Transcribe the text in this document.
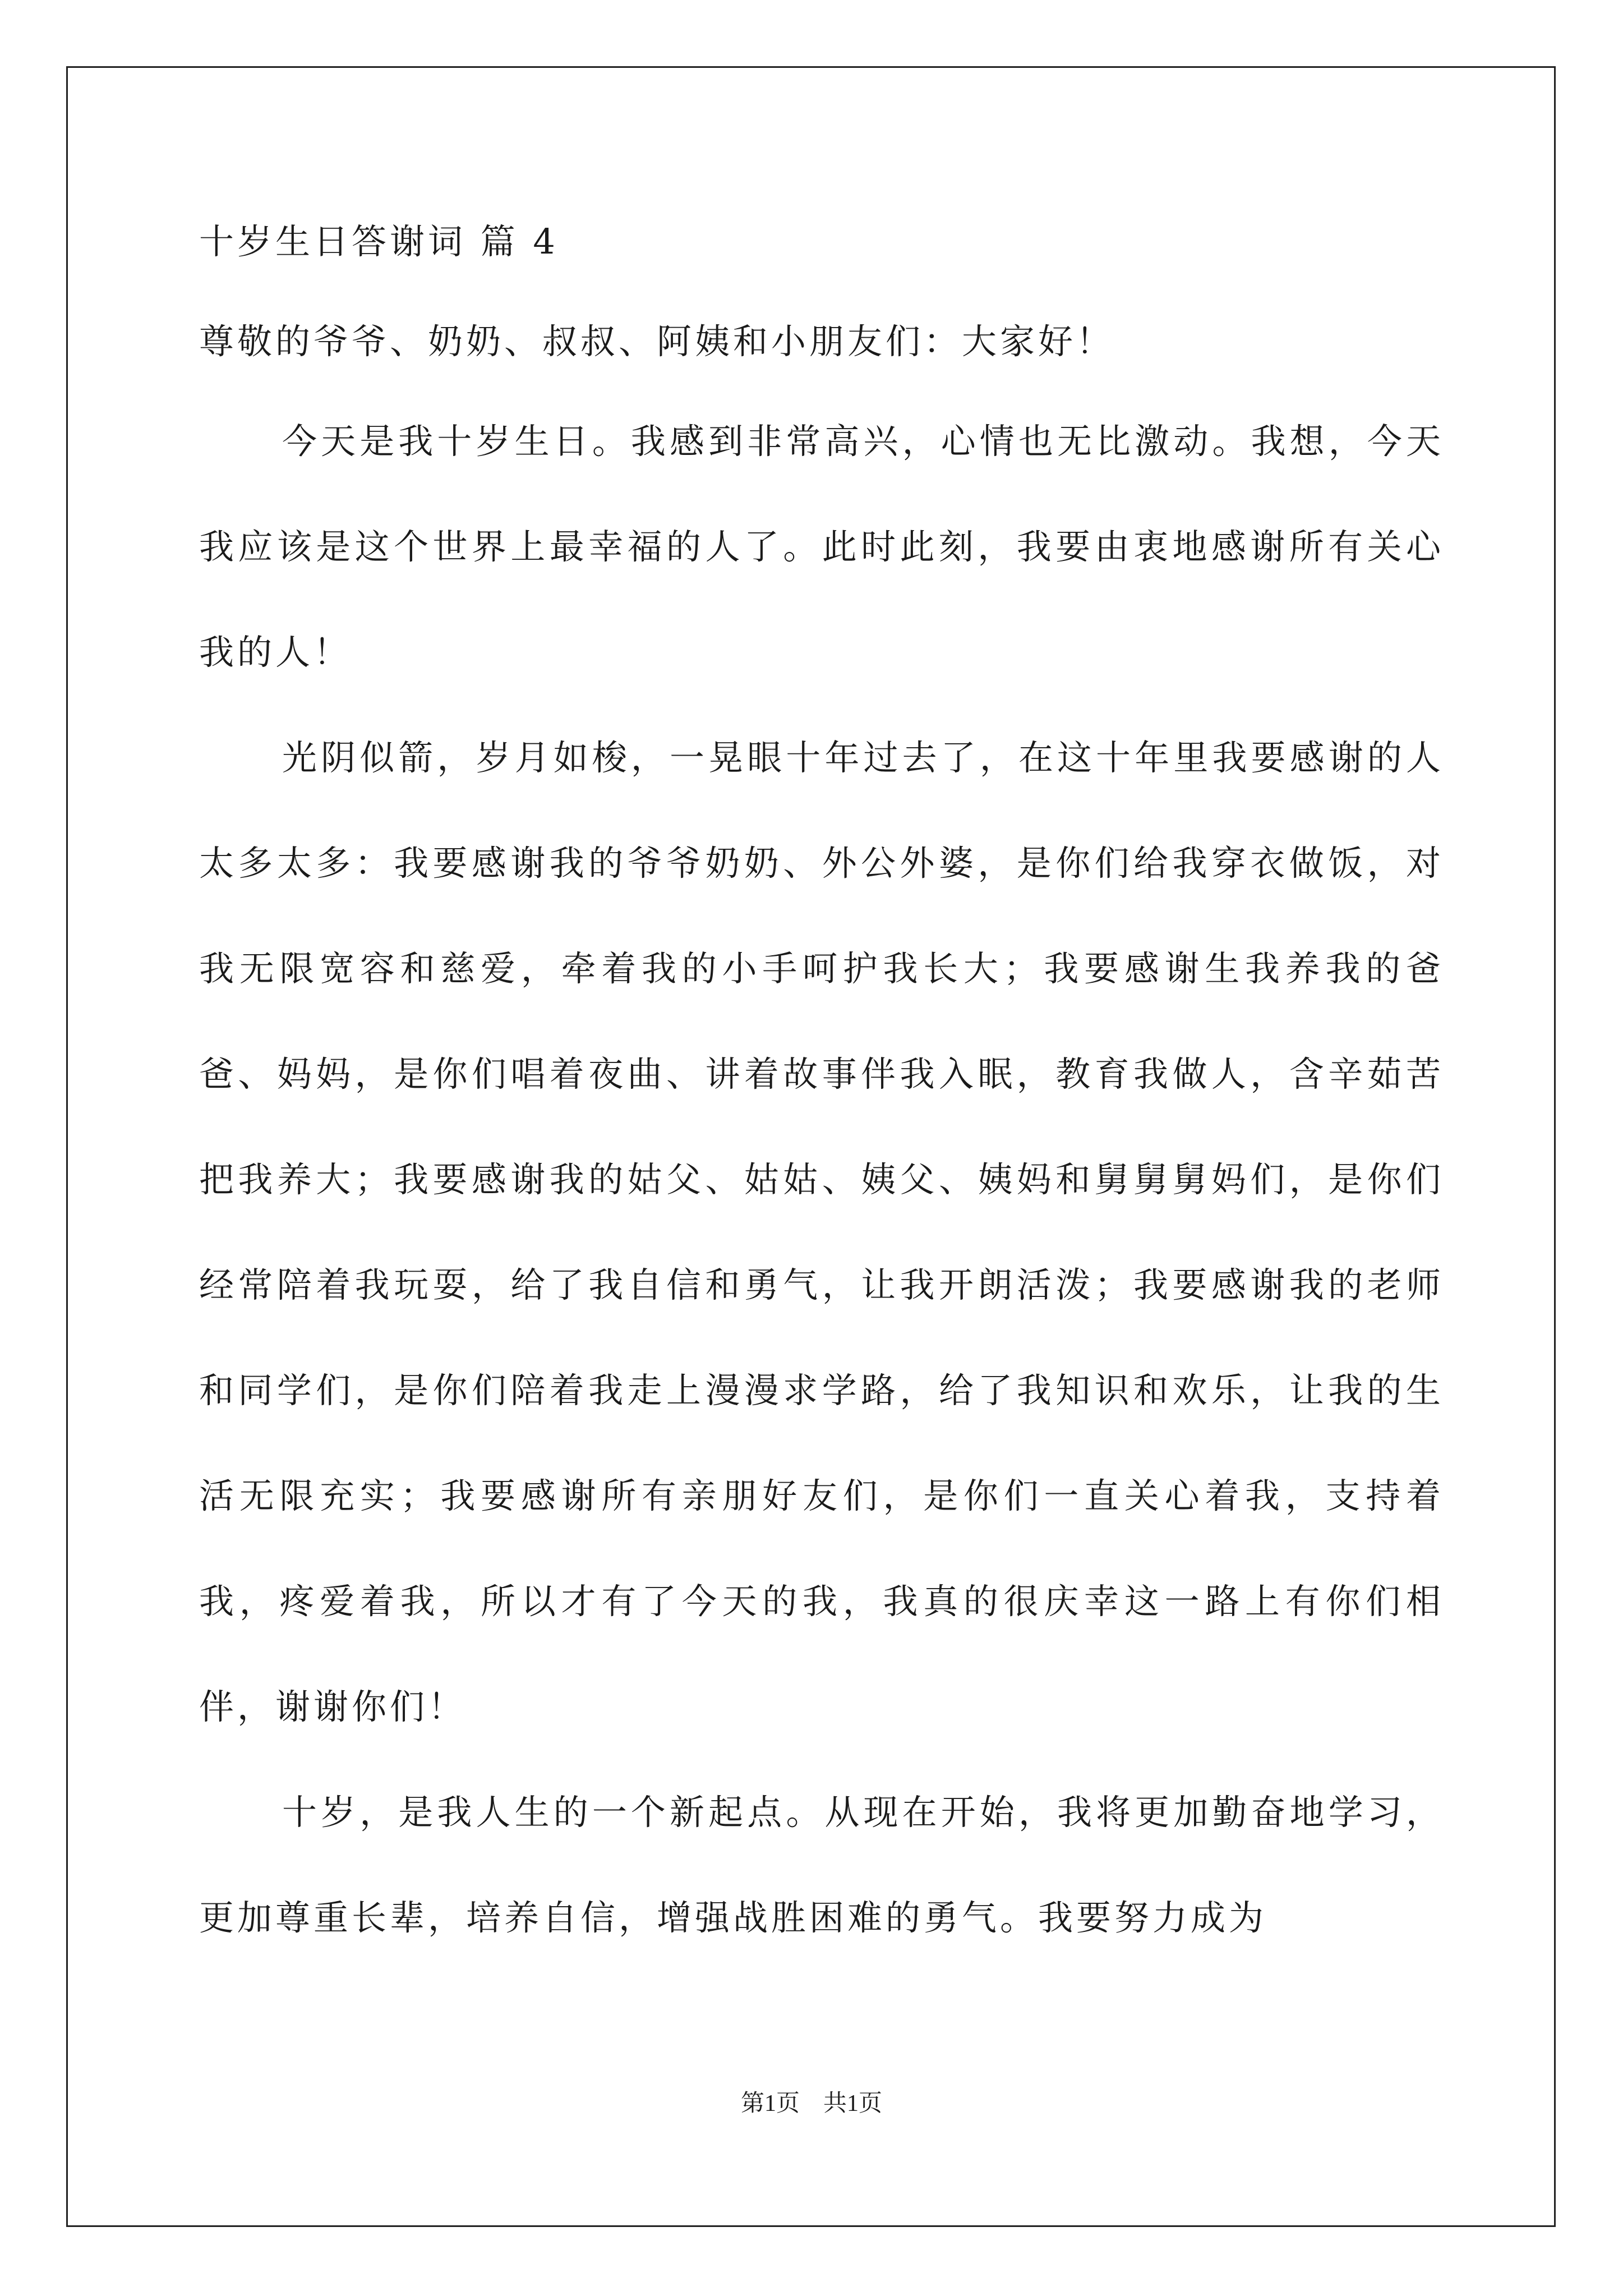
十岁生日答谢词 篇 4
尊敬的爷爷、奶奶、叔叔、阿姨和小朋友们：大家好！

今天是我十岁生日。我感到非常高兴，心情也无比激动。我想，今天我应该是这个世界上最幸福的人了。此时此刻，我要由衷地感谢所有关心我的人！

光阴似箭，岁月如梭，一晃眼十年过去了，在这十年里我要感谢的人太多太多：我要感谢我的爷爷奶奶、外公外婆，是你们给我穿衣做饭，对我无限宽容和慈爱，牵着我的小手呵护我长大；我要感谢生我养我的爸爸、妈妈，是你们唱着夜曲、讲着故事伴我入眠，教育我做人，含辛茹苦把我养大；我要感谢我的姑父、姑姑、姨父、姨妈和舅舅舅妈们，是你们经常陪着我玩耍，给了我自信和勇气，让我开朗活泼；我要感谢我的老师和同学们，是你们陪着我走上漫漫求学路，给了我知识和欢乐，让我的生活无限充实；我要感谢所有亲朋好友们，是你们一直关心着我，支持着我，疼爱着我，所以才有了今天的我，我真的很庆幸这一路上有你们相伴，谢谢你们！

十岁，是我人生的一个新起点。从现在开始，我将更加勤奋地学习，更加尊重长辈，培养自信，增强战胜困难的勇气。我要努力成为

第1页　共1页
